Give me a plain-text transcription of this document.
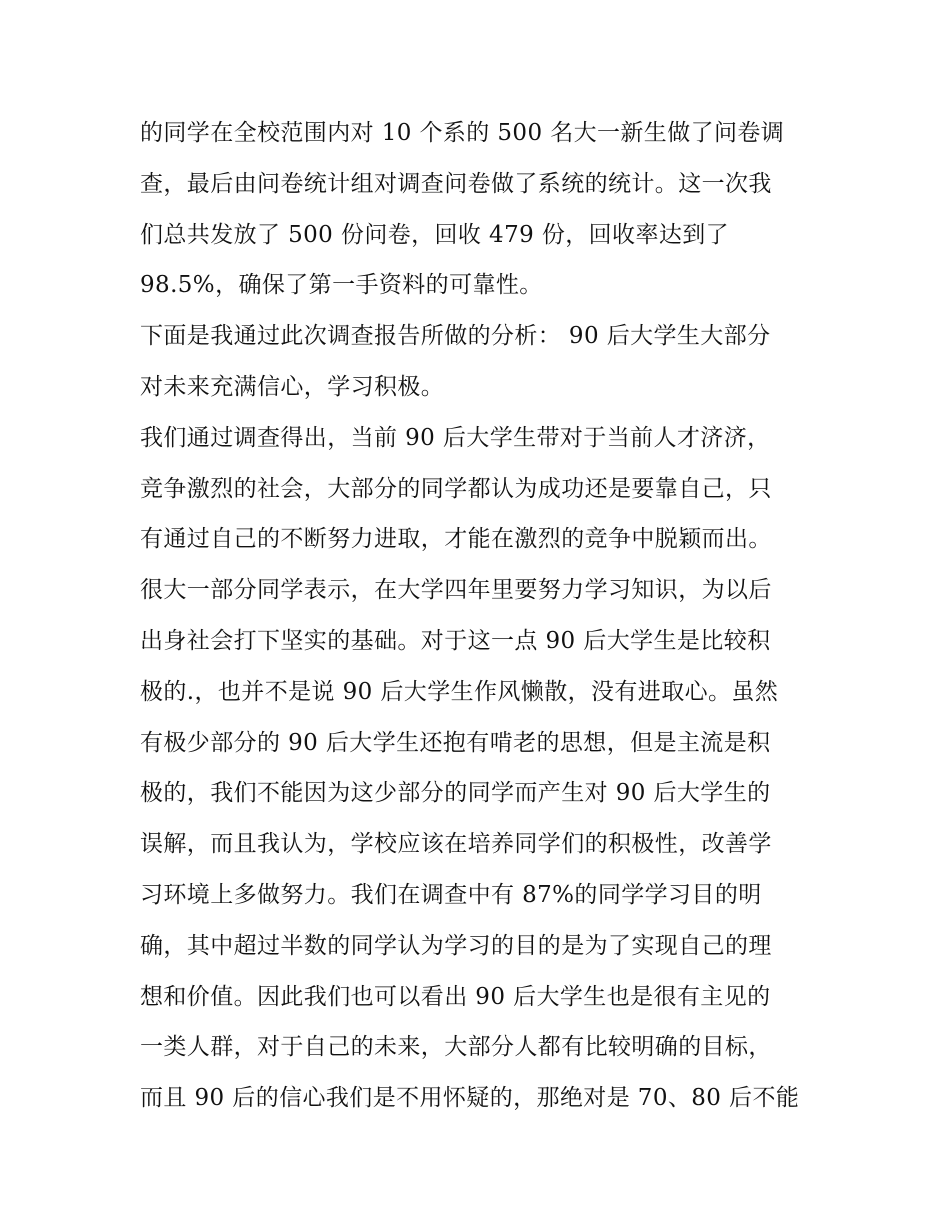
的同学在全校范围内对 10 个系的 500 名大一新生做了问卷调
查，最后由问卷统计组对调查问卷做了系统的统计。这一次我
们总共发放了 500 份问卷，回收 479 份，回收率达到了
98.5%，确保了第一手资料的可靠性。
下面是我通过此次调查报告所做的分析： 90 后大学生大部分
对未来充满信心，学习积极。
我们通过调查得出，当前 90 后大学生带对于当前人才济济，
竞争激烈的社会，大部分的同学都认为成功还是要靠自己，只
有通过自己的不断努力进取，才能在激烈的竞争中脱颖而出。
很大一部分同学表示，在大学四年里要努力学习知识，为以后
出身社会打下坚实的基础。对于这一点 90 后大学生是比较积
极的.，也并不是说 90 后大学生作风懒散，没有进取心。虽然
有极少部分的 90 后大学生还抱有啃老的思想，但是主流是积
极的，我们不能因为这少部分的同学而产生对 90 后大学生的
误解，而且我认为，学校应该在培养同学们的积极性，改善学
习环境上多做努力。我们在调查中有 87%的同学学习目的明
确，其中超过半数的同学认为学习的目的是为了实现自己的理
想和价值。因此我们也可以看出 90 后大学生也是很有主见的
一类人群，对于自己的未来，大部分人都有比较明确的目标，
而且 90 后的信心我们是不用怀疑的，那绝对是 70、80 后不能
